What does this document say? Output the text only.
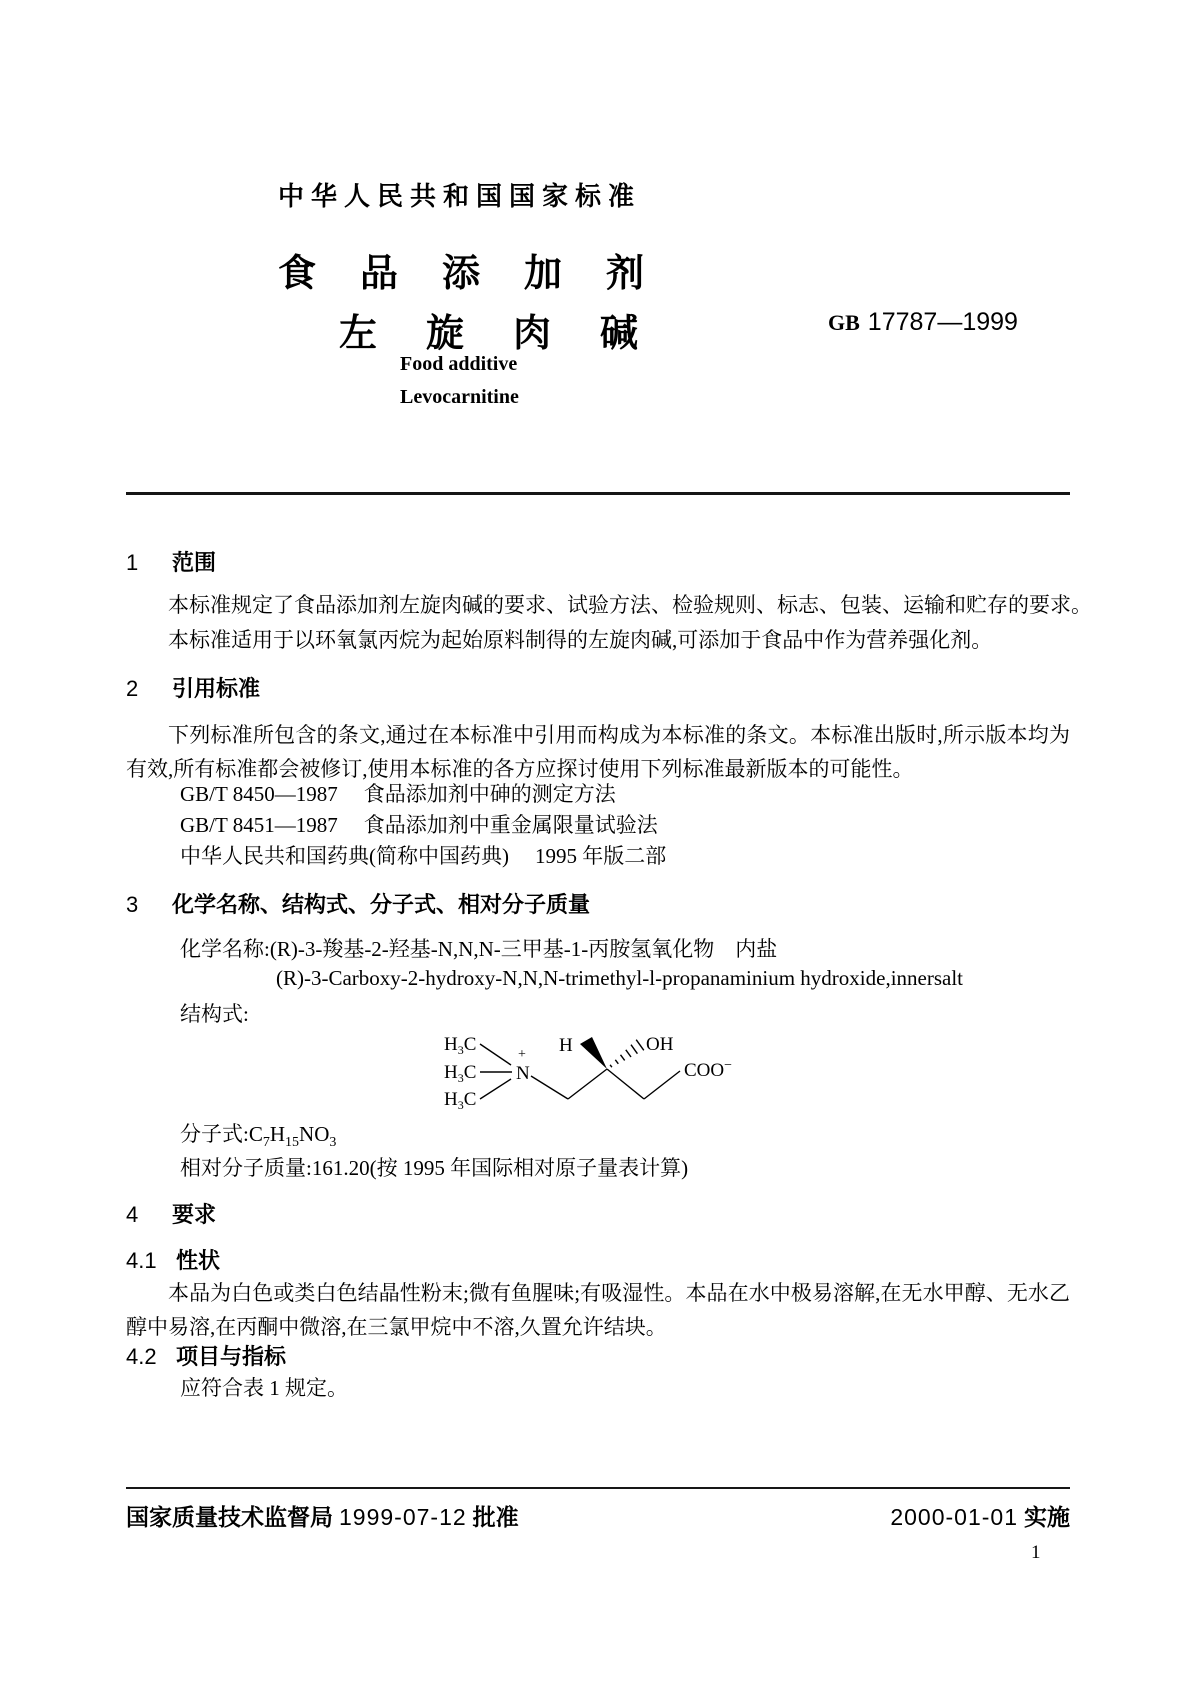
中华人民共和国国家标准
食品添加剂
左旋肉碱	GB 17787—1999
Food additive
Levocarnitine
1 范围

本标准规定了食品添加剂左旋肉碱的要求、试验方法、检验规则、标志、包装、运输和贮存的要求。

本标准适用于以环氧氯丙烷为起始原料制得的左旋肉碱,可添加于食品中作为营养强化剂。

2 引用标准

下列标准所包含的条文,通过在本标准中引用而构成为本标准的条文。本标准出版时,所示版本均为有效,所有标准都会被修订,使用本标准的各方应探讨使用下列标准最新版本的可能性。

GB/T 8450—1987 食品添加剂中砷的测定方法
GB/T 8451—1987 食品添加剂中重金属限量试验法
中华人民共和国药典(简称中国药典) 1995 年版二部
3 化学名称、结构式、分子式、相对分子质量
化学名称:(R)-3-羧基-2-羟基-N,N,N-三甲基-1-丙胺氢氧化物　内盐
(R)-3-Carboxy-2-hydroxy-N,N,N-trimethyl-l-propanaminium hydroxide,innersalt
结构式:
$H_3C$
$H_3C$
$H_3C$
+
N
H	OH
COO−
分子式$:C_7H_{15}NO_3$
相对分子质量:161.20(按 1995 年国际相对原子量表计算)
4 要求
4.1 性状

本品为白色或类白色结晶性粉末;微有鱼腥味;有吸湿性。本品在水中极易溶解,在无水甲醇、无水乙醇中易溶,在丙酮中微溶,在三氯甲烷中不溶,久置允许结块。

4.2 项目与指标
应符合表 1 规定。
国家质量技术监督局 1999-07-12 批准	2000-01-01 实施
1
